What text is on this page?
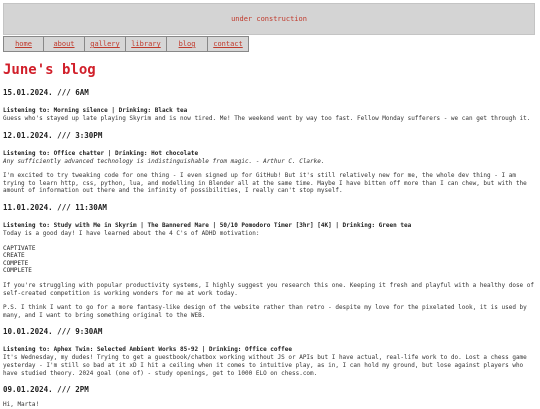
under construction
home	about	gallery	library	blog	contact
June's blog
15.01.2024. /// 6AM
Listening to: Morning silence | Drinking: Black tea

Guess who's stayed up late playing Skyrim and is now tired. Me! The weekend went by way too fast. Fellow Monday sufferers - we can get through it.

12.01.2024. /// 3:30PM
Listening to: Office chatter | Drinking: Hot chocolate

Any sufficiently advanced technology is indistinguishable from magic. - Arthur C. Clarke.

I'm excited to try tweaking code for one thing - I even signed up for GitHub! But it's still relatively new for me, the whole dev thing - I am trying to learn http, css, python, lua, and modelling in Blender all at the same time. Maybe I have bitten off more than I can chew, but with the amount of information out there and the infinity of possibilities, I really can't stop myself.

11.01.2024. /// 11:30AM
Listening to: Study with Me in Skyrim | The Bannered Mare | 50/10 Pomodoro Timer [3hr] [4K] | Drinking: Green tea

Today is a good day! I have learned about the 4 C's of ADHD motivation:

CAPTIVATE
CREATE
COMPETE
COMPLETE

If you're struggling with popular productivity systems, I highly suggest you research this one. Keeping it fresh and playful with a healthy dose of self-created competition is working wonders for me at work today.

P.S. I think I want to go for a more fantasy-like design of the website rather than retro - despite my love for the pixelated look, it is used by many, and I want to bring something original to the WEB.

10.01.2024. /// 9:30AM
Listening to: Aphex Twin: Selected Ambient Works 85-92 | Drinking: Office coffee

It's Wednesday, my dudes! Trying to get a guestbook/chatbox working without JS or APIs but I have actual, real-life work to do. Lost a chess game yesterday - I'm still so bad at it xD I hit a ceiling when it comes to intuitive play, as in, I can hold my ground, but lose against players who have studied theory. 2024 goal (one of) - study openings, get to 1000 ELO on chess.com.

09.01.2024. /// 2PM

Hi, Marta!
